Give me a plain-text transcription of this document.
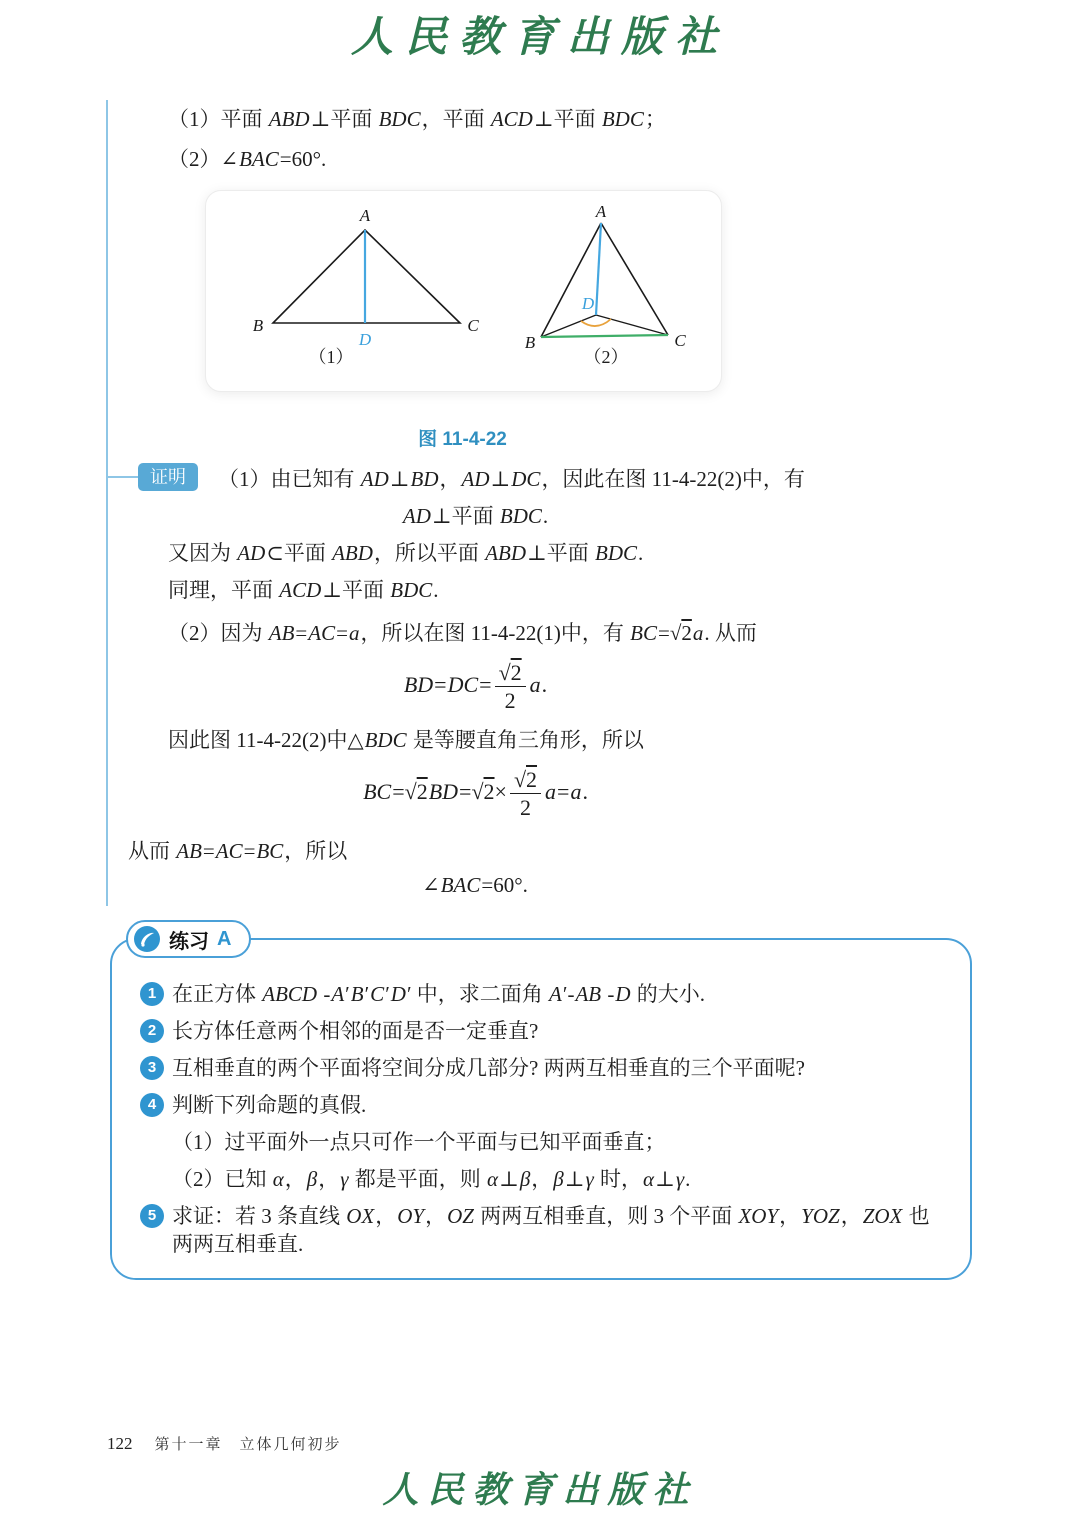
人民教育出版社
（1）平面 ABD⊥平面 BDC，平面 ACD⊥平面 BDC；
（2）∠BAC=60°.
A
B	C
D
A
B	C
D
（1）	（2）
图 11-4-22
证明	（1）由已知有 AD⊥BD，AD⊥DC，因此在图 11-4-22(2)中，有
AD⊥平面 BDC.
又因为 AD⊂平面 ABD，所以平面 ABD⊥平面 BDC.
同理，平面 ACD⊥平面 BDC.
（2）因为 AB=AC=a，所以在图 11-4-22(1)中，有 BC=√2a. 从而
$BD=DC= \frac{√2}{2} a$.
因此图 11-4-22(2)中△BDC 是等腰直角三角形，所以
$BC=√2BD=√2\times \frac{√2}{2} a=a$.
从而 AB=AC=BC，所以
∠BAC=60°.
1 在正方体 ABCD -A′B′C′D′ 中，求二面角 A′-AB -D 的大小.
2 长方体任意两个相邻的面是否一定垂直?
3 互相垂直的两个平面将空间分成几部分? 两两互相垂直的三个平面呢?
4 判断下列命题的真假.
（1）过平面外一点只可作一个平面与已知平面垂直；
（2）已知 α，β，γ 都是平面，则 α⊥β，β⊥γ 时，α⊥γ.
5 求证：若 3 条直线 OX，OY，OZ 两两互相垂直，则 3 个平面 XOY，YOZ，ZOX 也两两互相垂直.
练习 A
122 第十一章　立体几何初步
人民教育出版社
